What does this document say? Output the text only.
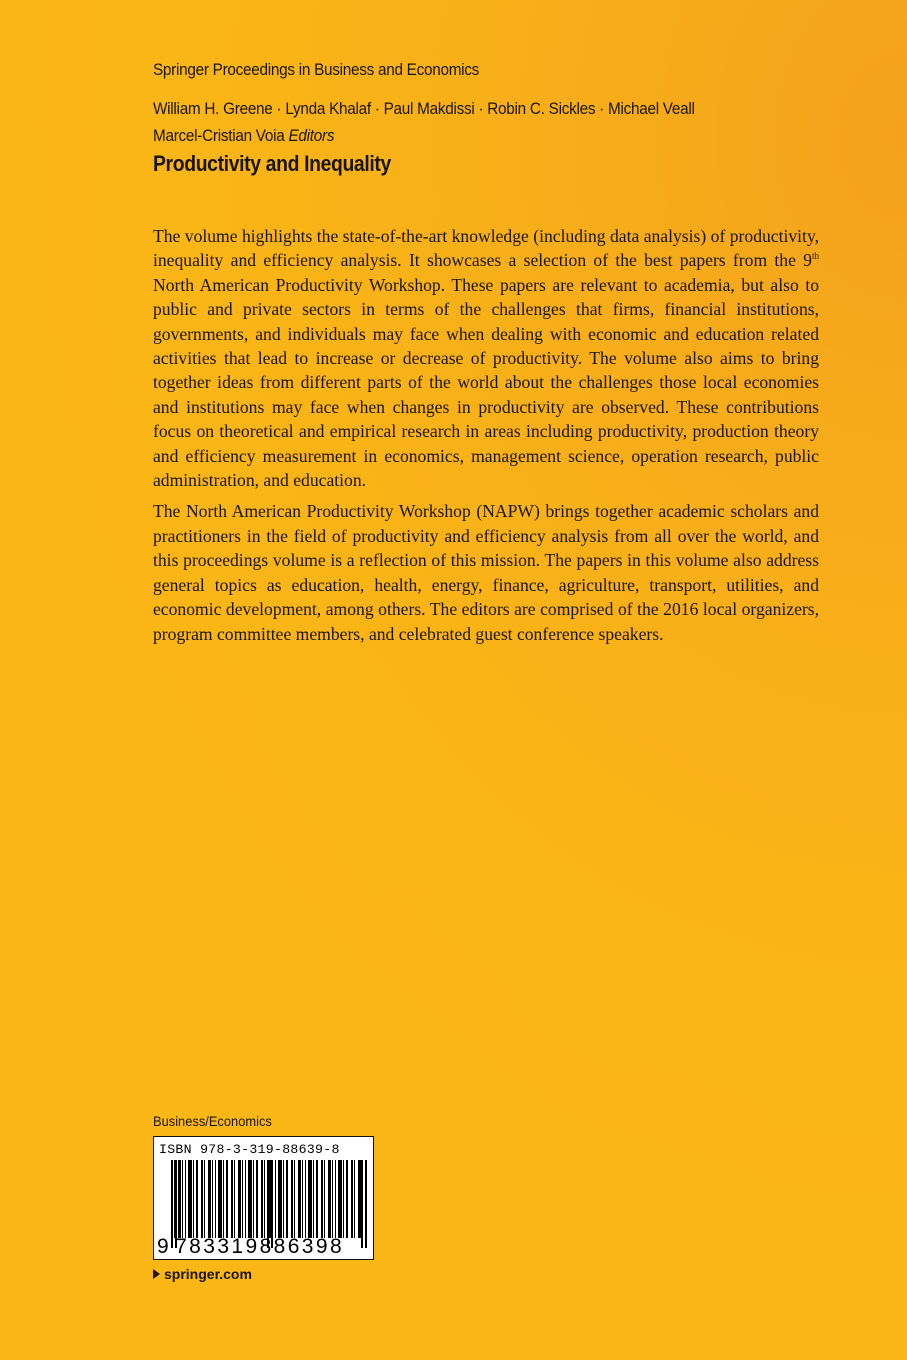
Springer Proceedings in Business and Economics
William H. Greene · Lynda Khalaf · Paul Makdissi · Robin C. Sickles · Michael Veall
Marcel-Cristian Voia Editors
Productivity and Inequality

The volume highlights the state-of-the-art knowledge (including data analysis) of productivity, inequality and efficiency analysis. It showcases a selection of the best papers from the 9th North American Productivity Workshop. These papers are relevant to academia, but also to public and private sectors in terms of the challenges that firms, financial institutions, governments, and individuals may face when dealing with economic and education related activities that lead to increase or decrease of productivity. The volume also aims to bring together ideas from different parts of the world about the challenges those local economies and institutions may face when changes in productivity are observed. These contributions focus on theoretical and empirical research in areas including productivity, production theory and efficiency measurement in economics, management science, operation research, public administration, and education.

The North American Productivity Workshop (NAPW) brings together academic scholars and practitioners in the field of productivity and efficiency analysis from all over the world, and this proceedings volume is a reflection of this mission. The papers in this volume also address general topics as education, health, energy, finance, agriculture, transport, utilities, and economic development, among others. The editors are comprised of the 2016 local organizers, program committee members, and celebrated guest conference speakers.

Business/Economics
ISBN 978-3-319-88639-8
9 783319886398
springer.com
